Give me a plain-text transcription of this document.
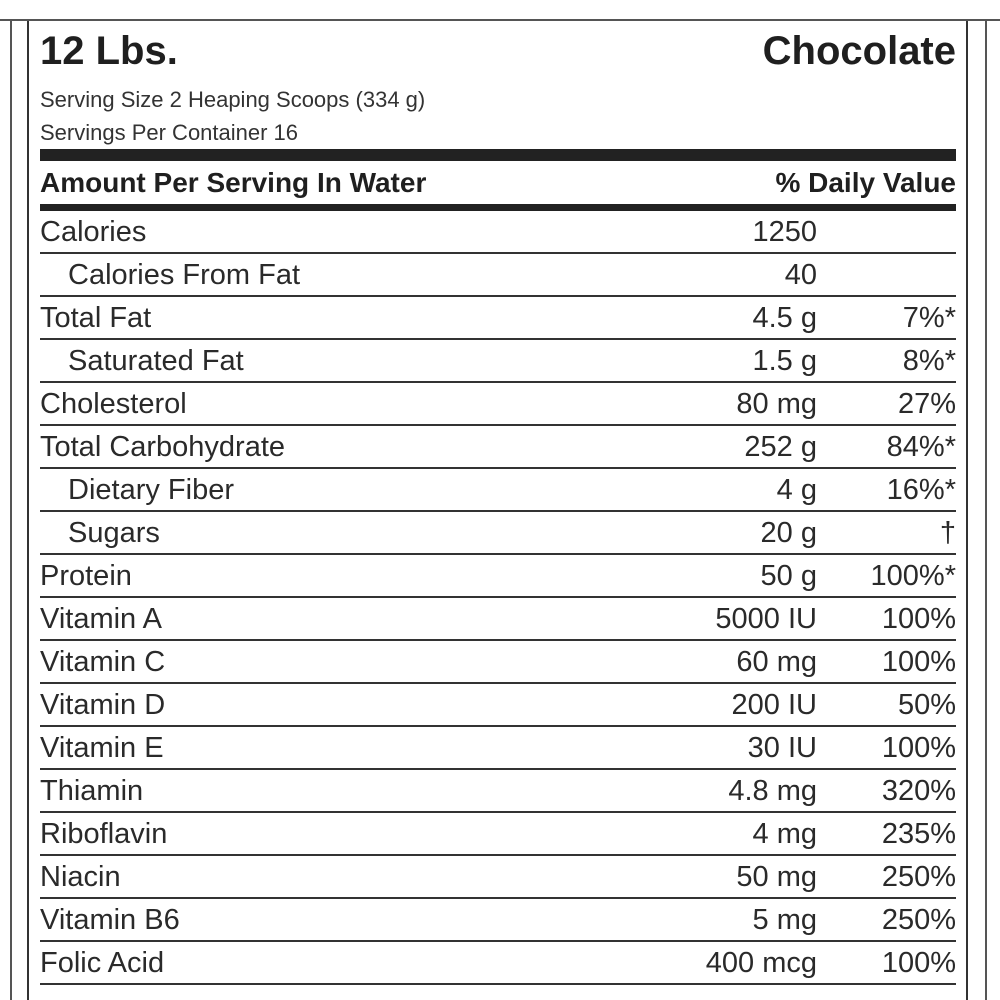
12 Lbs.	Chocolate
Serving Size 2 Heaping Scoops (334 g)
Servings Per Container 16
Amount Per Serving In Water	% Daily Value
Calories	1250
Calories From Fat	40
Total Fat	4.5 g	7%*
Saturated Fat	1.5 g	8%*
Cholesterol	80 mg	27%
Total Carbohydrate	252 g 84%*
Dietary Fiber	4 g 16%*
Sugars	20 g	†
Protein	50 g 100%*
Vitamin A	5000 IU 100%
Vitamin C	60 mg 100%
Vitamin D	200 IU	50%
Vitamin E	30 IU 100%
Thiamin	4.8 mg 320%
Riboflavin	4 mg 235%
Niacin	50 mg 250%
Vitamin B6	5 mg 250%
Folic Acid	400 mcg 100%
